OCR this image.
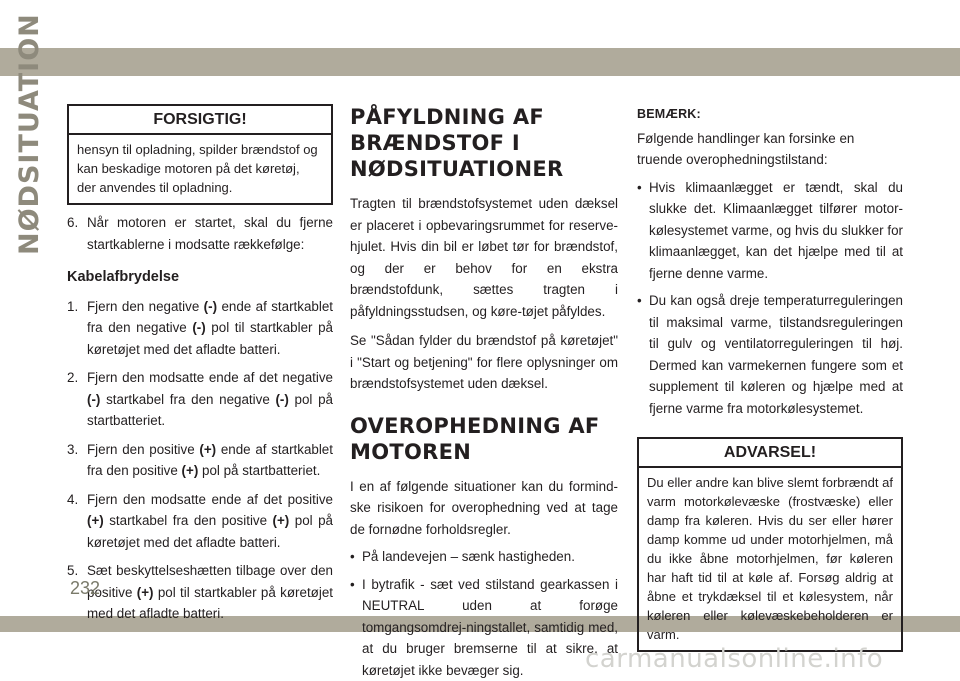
NØDSITUATION	FORSIGTIG!
hensyn til opladning, spilder brændstof og kan beskadige motoren på det køretøj, der anvendes til opladning.
6. Når motoren er startet, skal du fjerne startkablerne i modsatte rækkefølge:
Kabelafbrydelse
1. Fjern den negative (-) ende af startkablet fra den negative (-) pol til startkabler på køretøjet med det afladte batteri.
2. Fjern den modsatte ende af det negative (-) startkabel fra den negative (-) pol på startbatteriet.
3. Fjern den positive (+) ende af startkablet fra den positive (+) pol på startbatteriet.
4. Fjern den modsatte ende af det positive (+) startkabel fra den positive (+) pol på køretøjet med det afladte batteri.
5. Sæt beskyttelseshætten tilbage over den positive (+) pol til startkabler på køretøjet med det afladte batteri.
PÅFYLDNING AF BRÆNDSTOF I NØDSITUATIONER

Tragten til brændstofsystemet uden dæksel er placeret i opbevaringsrummet for reserve-hjulet. Hvis din bil er løbet tør for brændstof, og der er behov for en ekstra brændstofdunk, sættes tragten i påfyldningsstudsen, og køre-tøjet påfyldes.

Se "Sådan fylder du brændstof på køretøjet" i "Start og betjening" for flere oplysninger om brændstofsystemet uden dæksel.

OVEROPHEDNING AF MOTOREN

I en af følgende situationer kan du formind-ske risikoen for overophedning ved at tage de fornødne forholdsregler.

• På landevejen – sænk hastigheden.
• I bytrafik - sæt ved stilstand gearkassen i NEUTRAL uden at forøge tomgangsomdrej-ningstallet, samtidig med, at du bruger bremserne til at sikre, at køretøjet ikke bevæger sig.
BEMÆRK:

Følgende handlinger kan forsinke en truende overophedningstilstand:

• Hvis klimaanlægget er tændt, skal du slukke det. Klimaanlægget tilfører motor-kølesystemet varme, og hvis du slukker for klimaanlægget, kan det hjælpe med til at fjerne denne varme.
• Du kan også dreje temperaturreguleringen til maksimal varme, tilstandsreguleringen til gulv og ventilatorreguleringen til høj. Dermed kan varmekernen fungere som et supplement til køleren og hjælpe med at fjerne varme fra motorkølesystemet.
ADVARSEL!
Du eller andre kan blive slemt forbrændt af varm motorkølevæske (frostvæske) eller damp fra køleren. Hvis du ser eller hører damp komme ud under motorhjelmen, må du ikke åbne motorhjelmen, før køleren har haft tid til at køle af. Forsøg aldrig at åbne et trykdæksel til et kølesystem, når køleren eller kølevæskebeholderen er varm.
232
carmanualsonline.info
